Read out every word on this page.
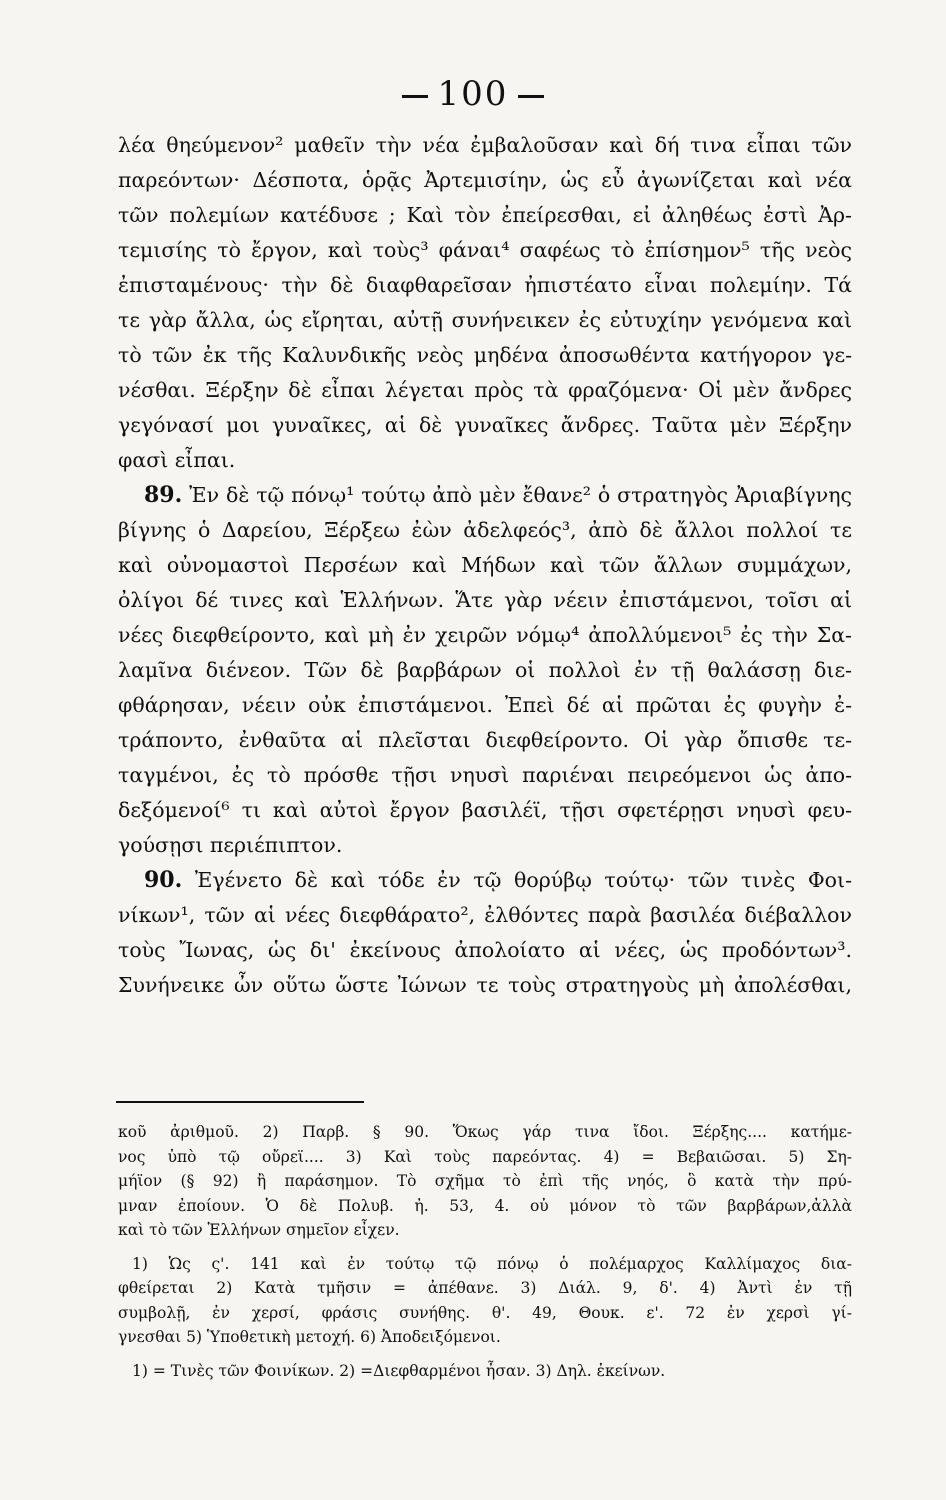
100
λέα θηεύμενον² μαθεῖν τὴν νέα ἐμβαλοῦσαν καὶ δή τινα εἶπαι τῶν
παρεόντων· Δέσποτα, ὁρᾷς Ἀρτεμισίην, ὡς εὖ ἀγωνίζεται καὶ νέα
τῶν πολεμίων κατέδυσε ; Καὶ τὸν ἐπείρεσθαι, εἰ ἀληθέως ἐστὶ Ἀρ-
τεμισίης τὸ ἔργον, καὶ τοὺς³ φάναι⁴ σαφέως τὸ ἐπίσημον⁵ τῆς νεὸς
ἐπισταμένους· τὴν δὲ διαφθαρεῖσαν ἠπιστέατο εἶναι πολεμίην. Τά
τε γὰρ ἄλλα, ὡς εἴρηται, αὐτῇ συνήνεικεν ἐς εὐτυχίην γενόμενα καὶ
τὸ τῶν ἐκ τῆς Καλυνδικῆς νεὸς μηδένα ἀποσωθέντα κατήγορον γε-
νέσθαι. Ξέρξην δὲ εἶπαι λέγεται πρὸς τὰ φραζόμενα· Οἱ μὲν ἄνδρες
γεγόνασί μοι γυναῖκες, αἱ δὲ γυναῖκες ἄνδρες. Ταῦτα μὲν Ξέρξην
φασὶ εἶπαι.
89. Ἐν δὲ τῷ πόνῳ¹ τούτῳ ἀπὸ μὲν ἔθανε² ὁ στρατηγὸς Ἀριαβίγνης
βίγνης ὁ Δαρείου, Ξέρξεω ἐὼν ἀδελφεός³, ἀπὸ δὲ ἄλλοι πολλοί τε
καὶ οὐνομαστοὶ Περσέων καὶ Μήδων καὶ τῶν ἄλλων συμμάχων,
ὀλίγοι δέ τινες καὶ Ἑλλήνων. Ἅτε γὰρ νέειν ἐπιστάμενοι, τοῖσι αἱ
νέες διεφθείροντο, καὶ μὴ ἐν χειρῶν νόμῳ⁴ ἀπολλύμενοι⁵ ἐς τὴν Σα-
λαμῖνα διένεον. Τῶν δὲ βαρβάρων οἱ πολλοὶ ἐν τῇ θαλάσσῃ διε-
φθάρησαν, νέειν οὐκ ἐπιστάμενοι. Ἐπεὶ δέ αἱ πρῶται ἐς φυγὴν ἐ-
τράποντο, ἐνθαῦτα αἱ πλεῖσται διεφθείροντο. Οἱ γὰρ ὄπισθε τε-
ταγμένοι, ἐς τὸ πρόσθε τῇσι νηυσὶ παριέναι πειρεόμενοι ὡς ἀπο-
δεξόμενοί⁶ τι καὶ αὐτοὶ ἔργον βασιλέϊ, τῇσι σφετέρῃσι νηυσὶ φευ-
γούσῃσι περιέπιπτον.
90. Ἐγένετο δὲ καὶ τόδε ἐν τῷ θορύβῳ τούτῳ· τῶν τινὲς Φοι-
νίκων¹, τῶν αἱ νέες διεφθάρατο², ἐλθόντες παρὰ βασιλέα διέβαλλον
τοὺς Ἴωνας, ὡς δι' ἐκείνους ἀπολοίατο αἱ νέες, ὡς προδόντων³.
Συνήνεικε ὦν οὕτω ὥστε Ἰώνων τε τοὺς στρατηγοὺς μὴ ἀπολέσθαι,
κοῦ ἀριθμοῦ. 2) Παρβ. § 90. Ὅκως γάρ τινα ἴδοι. Ξέρξης.... κατήμε-
νος ὑπὸ τῷ οὔρεϊ.... 3) Καὶ τοὺς παρεόντας. 4) = Βεβαιῶσαι. 5) Ση-
μήϊον (§ 92) ἢ παράσημον. Τὸ σχῆμα τὸ ἐπὶ τῆς νηός, ὃ κατὰ τὴν πρύ-
μναν ἐποίουν. Ὁ δὲ Πολυβ. ἠ. 53, 4. οὐ μόνον τὸ τῶν βαρβάρων,ἀλλὰ
καὶ τὸ τῶν Ἑλλήνων σημεῖον εἶχεν.
1) Ὡς ς'. 141 καὶ ἐν τούτῳ τῷ πόνῳ ὁ πολέμαρχος Καλλίμαχος δια-
φθείρεται 2) Κατὰ τμῆσιν = ἀπέθανε. 3) Διάλ. 9, δ'. 4) Ἀντὶ ἐν τῇ
συμβολῇ, ἐν χερσί, φράσις συνήθης. θ'. 49, Θουκ. ε'. 72 ἐν χερσὶ γί-
γνεσθαι 5) Ὑποθετικὴ μετοχή. 6) Ἀποδειξόμενοι.
1) = Τινὲς τῶν Φοινίκων. 2) =Διεφθαρμένοι ἦσαν. 3) Δηλ. ἐκείνων.
